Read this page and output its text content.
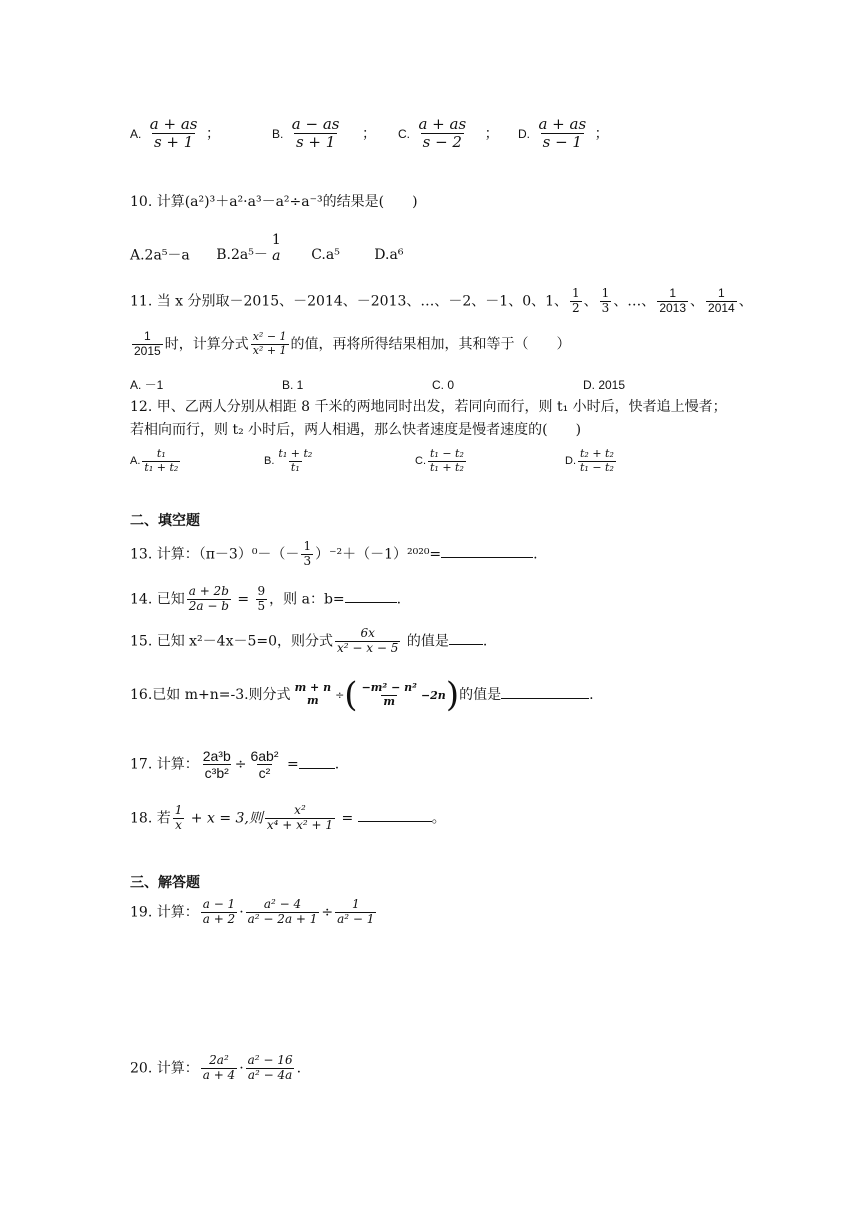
A. $\frac{a + as}{s + 1}$ ；	B. $\frac{a - as}{s + 1}$ ； C. $\frac{a + as}{s - 2}$ ； D. $\frac{a + as}{s - 1}$ ；
10. 计算(a²)³＋a²·a³－a²÷a⁻³的结果是(　　)
A.2a⁵－a B.2a⁵－
1
a C.a⁵ D.a⁶
11. 当 x 分别取－2015、－2014、－2013、…、－2、－1、0、1、 $\frac{1}{2}$ 、 $\frac{1}{3}$ 、…、 $\frac{1}{2013}$ 、 $\frac{1}{2014}$ 、
$\frac{1}{2015}$ 时，计算分式 $\frac{\text{x² − 1}}{\text{x² + 1}}$ 的值，再将所得结果相加，其和等于（　　）
A. －1	B. 1	C. 0	D. 2015
12. 甲、乙两人分别从相距 8 千米的两地同时出发，若同向而行，则 t₁ 小时后，快者追上慢者；
若相向而行，则 t₂ 小时后，两人相遇，那么快者速度是慢者速度的(　　)
A. $\frac{\text{t₁}}{\text{t₁ + t₂}}$	B. $\frac{\text{t₁ + t₂}}{\text{t₁}}$	C. $\frac{\text{t₁ − t₂}}{\text{t₁ + t₂}}$	D. $\frac{\text{t₂ + t₂}}{\text{t₁ − t₂}}$
二、填空题
13. 计算：$(\pi-3)^0-(- \frac{1}{3} )^{-2}+(-1)^{2020}=$	.
14. 已知 $\frac{a + 2b}{2a - b} = \frac{9}{5}$ ，则 a：b=	.
15. 已知 x²－4x－5=0，则分式 $\frac{6x}{\text{x² − x − 5}}$ 的值是 .
16.已如 m+n=-3.则分式 m + n
m ÷( $\frac{\text{−m² − n²}}{m} -2n$)的值是	.
17. 计算： $\frac{\text{2a³b}}{\text{c³b²}} \div \frac{\text{6ab²}}{\text{c²}}$ =	.
18. 若 $\frac{1}{x} + x = 3$,则 $\frac{\text{x²}}{\text{x⁴ + x² + 1}}$ =	。
三、解答题
19. 计算： $\frac{a - 1}{a + 2} \cdot \frac{\text{a² − 4}}{\text{a² − 2a + 1}} \div \frac{1}{\text{a² − 1}}$
20. 计算： $\frac{\text{2a²}}{a + 4} \cdot \frac{\text{a² − 16}}{\text{a² − 4a}}$ .
